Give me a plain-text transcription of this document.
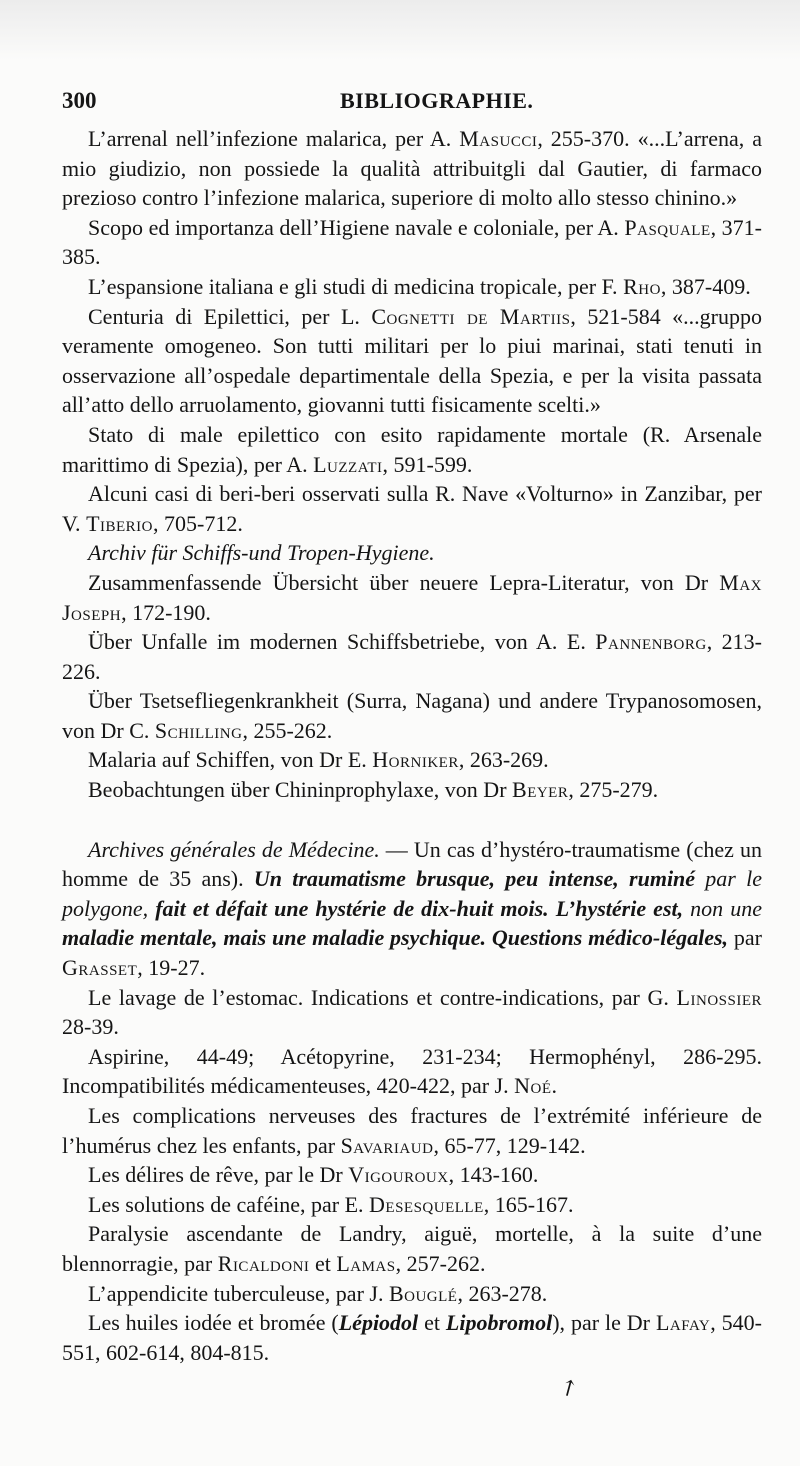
300	BIBLIOGRAPHIE.

L’arrenal nell’infezione malarica, per A. Masucci, 255-370. «...L’arrena, a mio giudizio, non possiede la qualità attribuitgli dal Gautier, di farmaco prezioso contro l’infezione malarica, superiore di molto allo stesso chinino.»

Scopo ed importanza dell’Higiene navale e coloniale, per A. Pasquale, 371-385.

L’espansione italiana e gli studi di medicina tropicale, per F. Rho, 387-409.

Centuria di Epilettici, per L. Cognetti de Martiis, 521-584 «...gruppo veramente omogeneo. Son tutti militari per lo piui marinai, stati tenuti in osservazione all’ospedale departimentale della Spezia, e per la visita passata all’atto dello arruolamento, giovanni tutti fisicamente scelti.»

Stato di male epilettico con esito rapidamente mortale (R. Arsenale marittimo di Spezia), per A. Luzzati, 591-599.

Alcuni casi di beri-beri osservati sulla R. Nave «Volturno» in Zanzibar, per V. Tiberio, 705-712.

Archiv für Schiffs-und Tropen-Hygiene.

Zusammenfassende Übersicht über neuere Lepra-Literatur, von Dr Max Joseph, 172-190.

Über Unfalle im modernen Schiffsbetriebe, von A. E. Pannenborg, 213-226.

Über Tsetsefliegenkrankheit (Surra, Nagana) und andere Trypanosomosen, von Dr C. Schilling, 255-262.

Malaria auf Schiffen, von Dr E. Horniker, 263-269.

Beobachtungen über Chininprophylaxe, von Dr Beyer, 275-279.

Archives générales de Médecine. — Un cas d’hystéro-traumatisme (chez un homme de 35 ans). Un traumatisme brusque, peu intense, ruminé par le polygone, fait et défait une hystérie de dix-huit mois. L’hystérie est, non une maladie mentale, mais une maladie psychique. Questions médico-légales, par Grasset, 19-27.

Le lavage de l’estomac. Indications et contre-indications, par G. Linossier 28-39.

Aspirine, 44-49; Acétopyrine, 231-234; Hermophényl, 286-295. Incompatibilités médicamenteuses, 420-422, par J. Noé.

Les complications nerveuses des fractures de l’extrémité inférieure de l’humérus chez les enfants, par Savariaud, 65-77, 129-142.

Les délires de rêve, par le Dr Vigouroux, 143-160.

Les solutions de caféine, par E. Desesquelle, 165-167.

Paralysie ascendante de Landry, aiguë, mortelle, à la suite d’une blennorragie, par Ricaldoni et Lamas, 257-262.

L’appendicite tuberculeuse, par J. Bouglé, 263-278.

Les huiles iodée et bromée (Lépiodol et Lipobromol), par le Dr Lafay, 540-551, 602-614, 804-815.

↗
